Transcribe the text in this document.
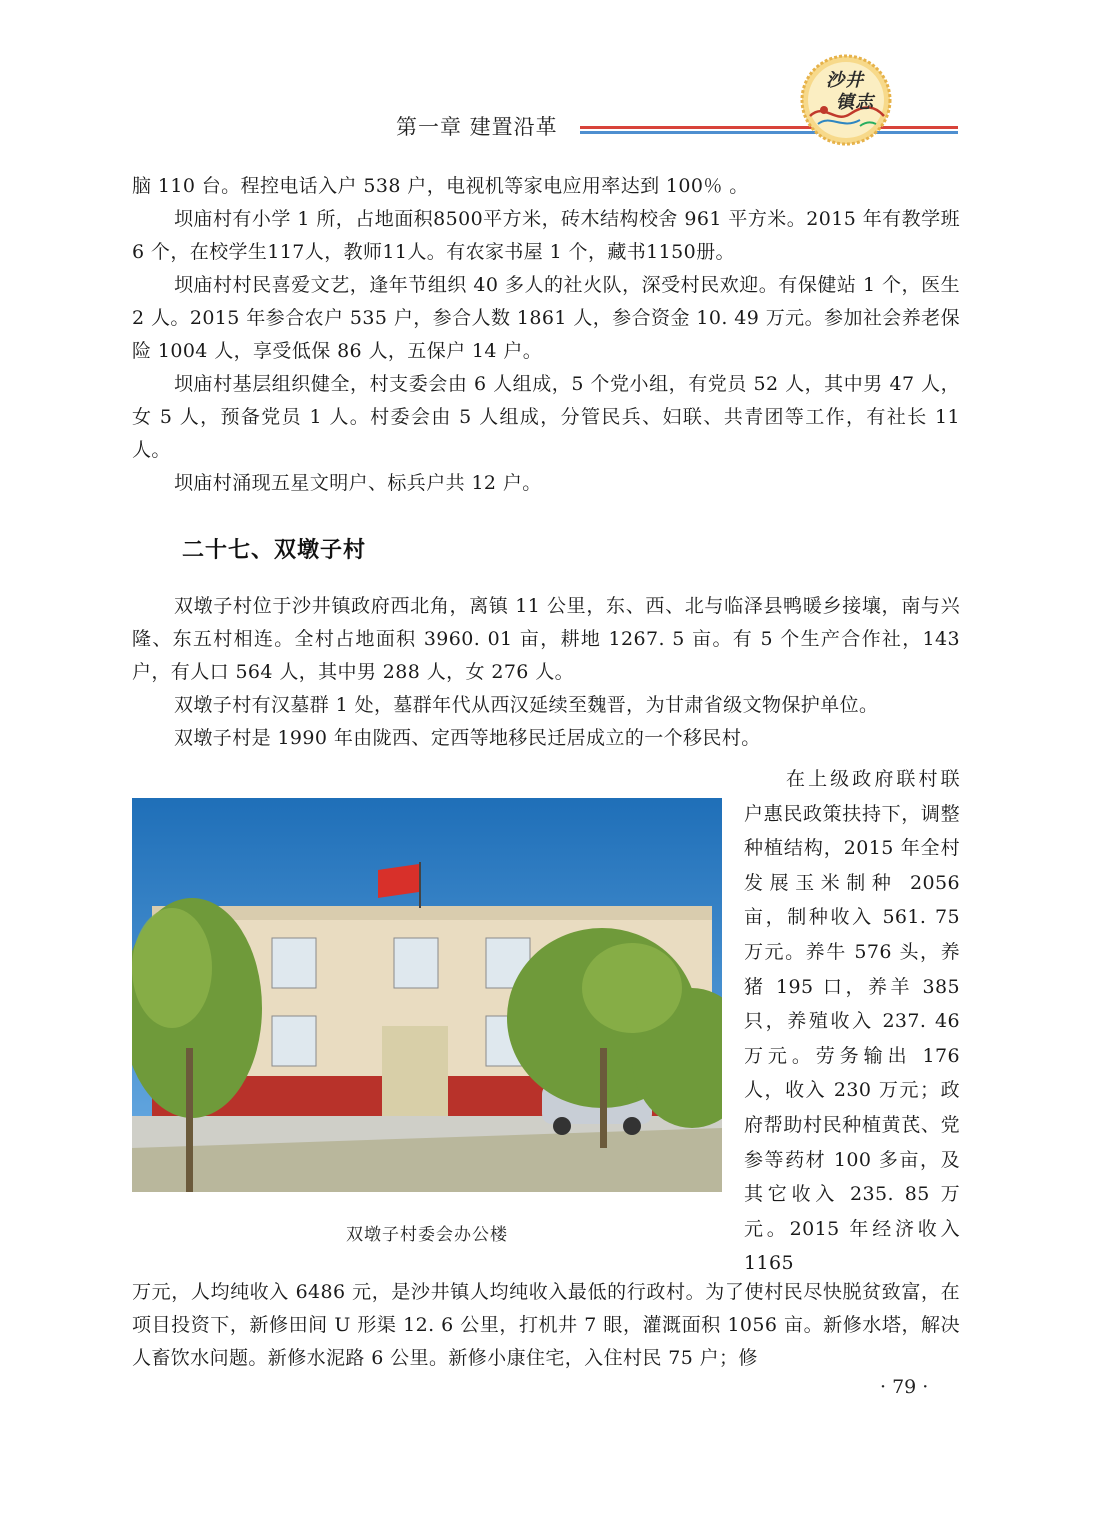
第一章 建置沿革
沙井
镇志

脑 110 台。程控电话入户 538 户，电视机等家电应用率达到 100％ 。

坝庙村有小学 1 所，占地面积8500平方米，砖木结构校舍 961 平方米。2015 年有教学班 6 个，在校学生117人，教师11人。有农家书屋 1 个，藏书1150册。

坝庙村村民喜爱文艺，逢年节组织 40 多人的社火队，深受村民欢迎。有保健站 1 个，医生 2 人。2015 年参合农户 535 户，参合人数 1861 人，参合资金 10. 49 万元。参加社会养老保险 1004 人，享受低保 86 人，五保户 14 户。

坝庙村基层组织健全，村支委会由 6 人组成，5 个党小组，有党员 52 人，其中男 47 人，女 5 人，预备党员 1 人。村委会由 5 人组成，分管民兵、妇联、共青团等工作，有社长 11 人。

坝庙村涌现五星文明户、标兵户共 12 户。

二十七、双墩子村

双墩子村位于沙井镇政府西北角，离镇 11 公里，东、西、北与临泽县鸭暖乡接壤，南与兴隆、东五村相连。全村占地面积 3960. 01 亩，耕地 1267. 5 亩。有 5 个生产合作社，143 户，有人口 564 人，其中男 288 人，女 276 人。

双墩子村有汉墓群 1 处，墓群年代从西汉延续至魏晋，为甘肃省级文物保护单位。

双墩子村是 1990 年由陇西、定西等地移民迁居成立的一个移民村。

双墩子村委会办公楼

在上级政府联村联户惠民政策扶持下，调整种植结构，2015 年全村发展玉米制种 2056 亩，制种收入 561. 75 万元。养牛 576 头，养猪 195 口，养羊 385 只，养殖收入 237. 46 万元。劳务输出 176 人，收入 230 万元；政府帮助村民种植黄芪、党参等药材 100 多亩，及其它收入 235. 85 万元。2015 年经济收入 1165

万元，人均纯收入 6486 元，是沙井镇人均纯收入最低的行政村。为了使村民尽快脱贫致富，在项目投资下，新修田间 U 形渠 12. 6 公里，打机井 7 眼，灌溉面积 1056 亩。新修水塔，解决人畜饮水问题。新修水泥路 6 公里。新修小康住宅，入住村民 75 户；修

· 79 ·
